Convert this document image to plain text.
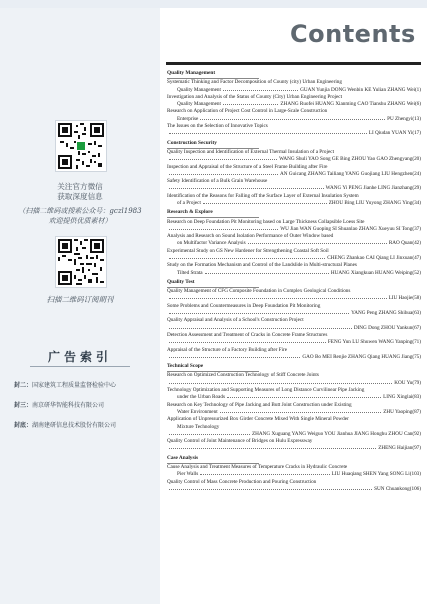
关注官方微信
获取深度信息
（扫描二维码或搜索公众号：gczl1983
欢迎提供优质素材）
扫描二维码订阅期刊
广告索引
封二：国家建筑工程质量监督检验中心
封三：南京研华智能科技有限公司
封底：湖南建研信息技术股份有限公司
Contents
Quality Management
Systematic Thinking and Factor Decomposition of County (city) Urban Engineering
Quality Management	GUAN Yunjia DONG Wenbin KE Yulian ZHANG Wei (1)
Investigation and Analysis of the Status of County (City) Urban Engineering Project
Quality Management	ZHANG Ruofei HUANG Xianming CAO Tianshu ZHANG Wei (6)
Research on Application of Project Cost Control in Large-Scale Construction
Enterprise	PU Zhengyi (13)
The Issues on the Selection of Innovative Topics
LI Qiudan YUAN Yi (17)
Construction Security
Quality Inspection and Identification of External Thermal Insulation of a Project
WANG Shuli YAO Song GE Bing ZHOU Yao GAO Zhengyang (20)
Inspection and Appraisal of the Structure of a Steel Frame Building after Fire
AN Guicang ZHANG Tailiang YANG Guojiang LIU Hengzhen (24)
Safety Identification of a Bulk Grain Warehouse
WANG Yi PENG Jianhe LING Jianzhang (29)
Identification of the Reasons for Falling off the Surface Layer of External Insulation System
of a Project	ZHOU Bing LIU Yuyong ZHANG Ying (34)
Research & Explore
Research on Deep Foundation Pit Monitoring based on Large Thickness Collapsible Loess Site
WU Jian WAN Guoping SI Shuanlao ZHANG Xueyuu SI Tong (37)
Analysis and Research on Sound Isolation Performance of Outer Window based
on Multifactor Variance Analysis	RAO Quan (42)
Experimental Study on GS New Hardener for Strengthening Coastal Soft Soil
CHENG Zhankao CAI Qiang LI Jinxuan (47)
Study on the Formation Mechanism and Control of the Landslide in Multi-structural Planes
Tilted Strata	HUANG Xiangkuan HUANG Weiping (52)
Quality Test
Quality Management of CFG Composite Foundation in Complex Geological Conditions
LIU Haojie (58)
Some Problems and Countermeasures in Deep Foundation Pit Monitoring
YANG Peng ZHANG Shihua (63)
Quality Appraisal and Analysis of a School's Construction Project
DING Dong ZHOU Yankun (67)
Detection Assessment and Treatment of Cracks in Concrete Frame Structures
FENG Yun LU Shuwen WANG Yanping (71)
Appraisal of the Structure of a Factory Building after Fire
GAO Bo MEI Renjie ZHANG Qiang HUANG Jiang (75)
Technical Scope
Research on Optimized Construction Technology of Stiff Concrete Joints
KOU Yu (79)
Technology Optimization and Supporting Measures of Long Distance Curvilinear Pipe Jacking
under the Urban Roads	LING Xinglai (83)
Research on Key Technology of Pipe Jacking and Butt Joint Construction under Existing
Water Environment	ZHU Yaoping (87)
Application of Unpressurized Box Girder Concrete Mixed With Single Mineral Powder
Mixture Technology
ZHANG Xuguang YANG Weiguo YOU Jianhua JIANG Honghu ZHOU Can (92)
Quality Control of Joint Maintenance of Bridges on Hulu Expressway
ZHENG Haijian (97)
Case Analysis
Cause Analysis and Treatment Measures of Temperature Cracks in Hydraulic Concrete
Pier Walls	LIU Huaqiang SHEN Yang SONG Li (103)
Quality Control of Mass Concrete Production and Pouring Construction
SUN Chuankong (106)
